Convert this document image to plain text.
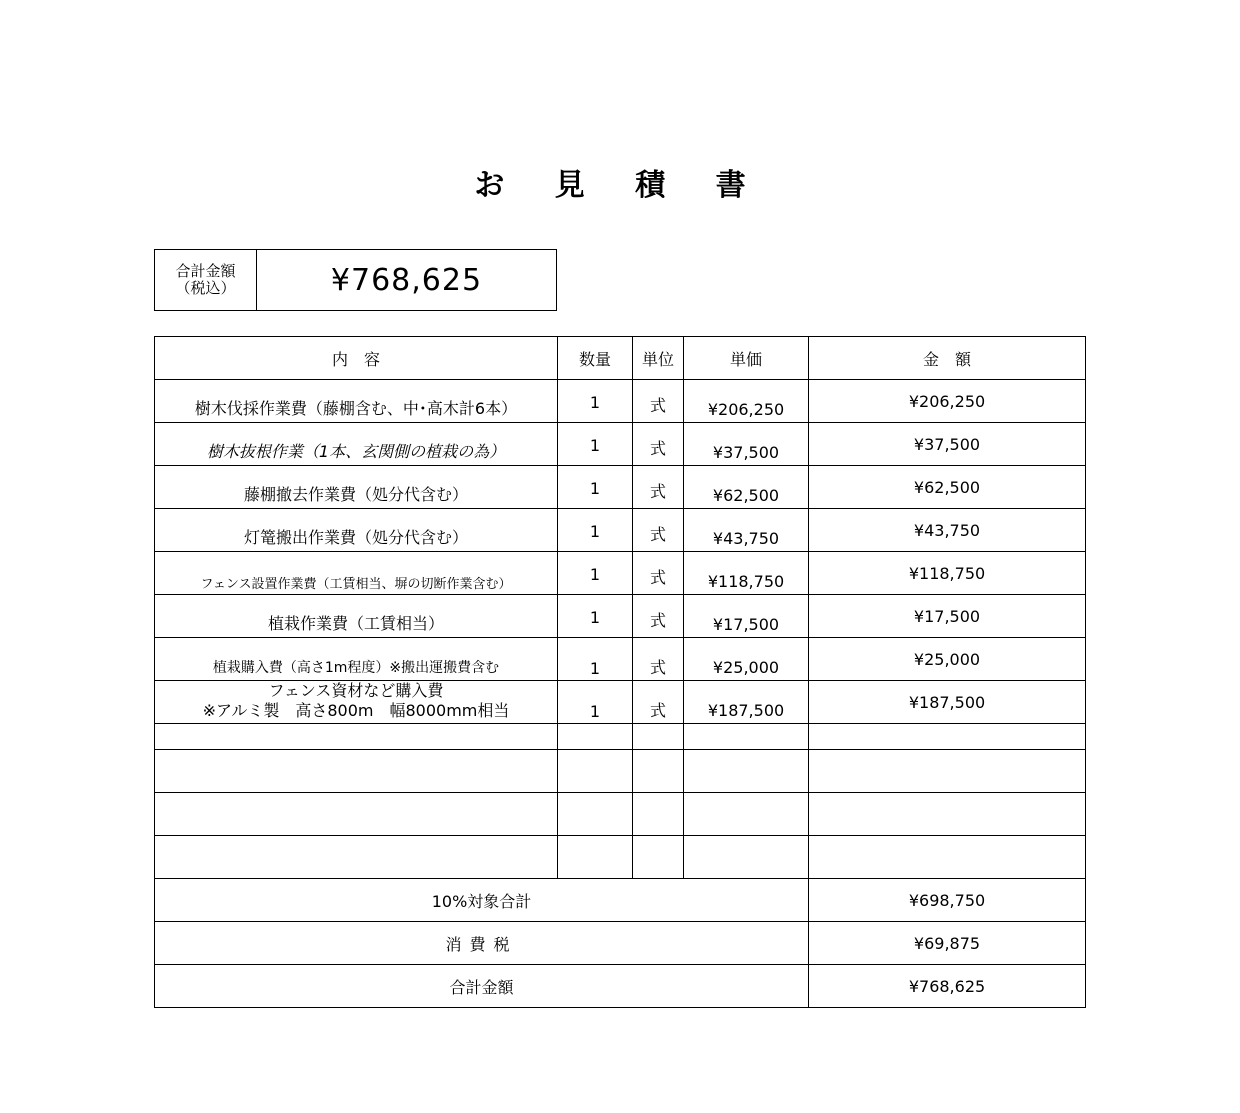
お 見 積 書
合計金額
（税込）	¥768,625
内　容	数量	単位	単価	金　額
樹木伐採作業費（藤棚含む、中･高木計6本）	1	式	¥206,250	¥206,250
樹木抜根作業（1本、玄関側の植栽の為）	1	式	¥37,500	¥37,500
藤棚撤去作業費（処分代含む）	1	式	¥62,500	¥62,500
灯篭搬出作業費（処分代含む）	1	式	¥43,750	¥43,750
フェンス設置作業費（工賃相当、塀の切断作業含む）	1	式	¥118,750	¥118,750
植栽作業費（工賃相当）	1	式	¥17,500	¥17,500
植栽購入費（高さ1m程度）※搬出運搬費含む	1	式	¥25,000	¥25,000

フェンス資材など購入費
※アルミ製　高さ800m　幅8000mm相当	1	式	¥187,500	¥187,500

10%対象合計				¥698,750
消費税				¥69,875
合計金額				¥768,625
